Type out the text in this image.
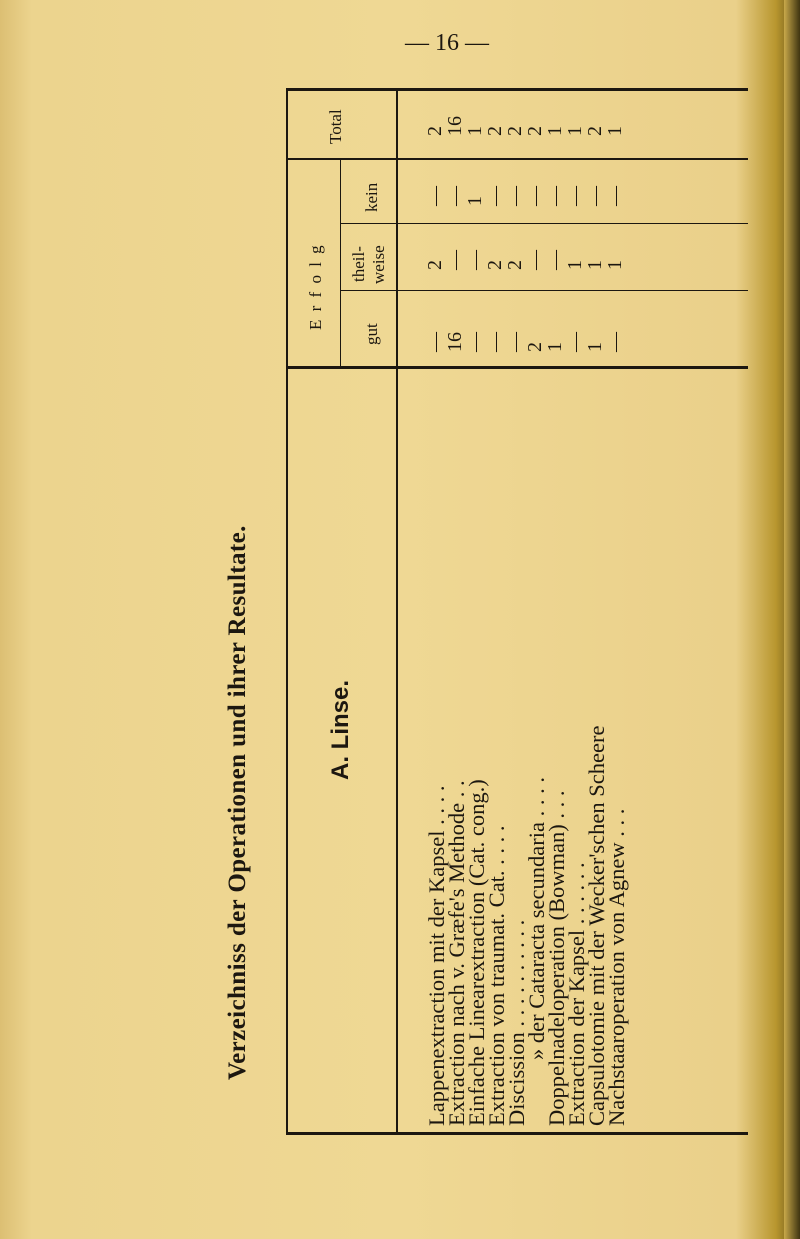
— 16 —
Verzeichniss der Operationen und ihrer Resultate.
Total
E r f o l g
kein
theil- weise
gut
A. Linse.
Lappenextraction mit der Kapsel . . . .
Extraction nach v. Græfe's Methode . .
Einfache Linearextraction (Cat. cong.)
Extraction von traumat. Cat. . . . .
Discission . . . . . . . . . .
» der Cataracta secundaria . . . .
Doppelnadeloperation (Bowman) . . .
Extraction der Kapsel . . . . . .
Capsulotomie mit der Wecker'schen Scheere
Nachstaaroperation von Agnew . . .
—
16
—
—
—
2
1
—
1
—
2
—
—
2
2
—
—
1
1
1
—
—
1
—
—
—
—
—
—
—
2
16
1
2
2
2
1
1
2
1
